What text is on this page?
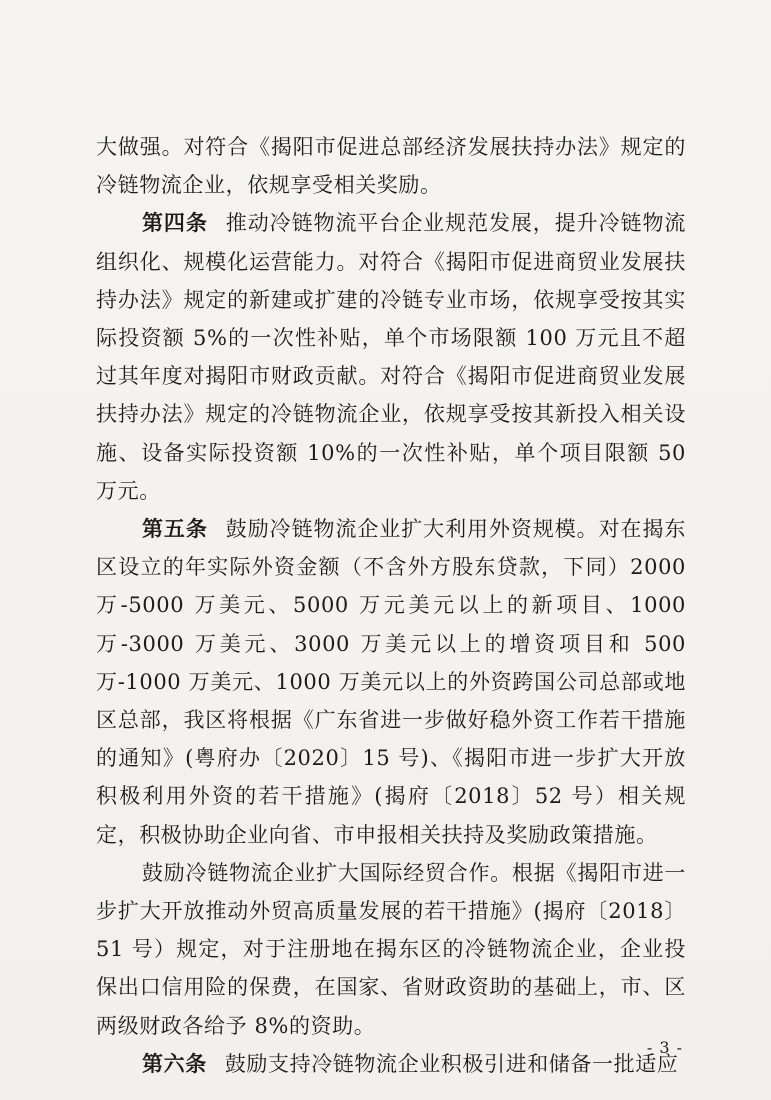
大做强。对符合《揭阳市促进总部经济发展扶持办法》规定的冷链物流企业，依规享受相关奖励。

第四条 推动冷链物流平台企业规范发展，提升冷链物流组织化、规模化运营能力。对符合《揭阳市促进商贸业发展扶持办法》规定的新建或扩建的冷链专业市场，依规享受按其实际投资额 5%的一次性补贴，单个市场限额 100 万元且不超过其年度对揭阳市财政贡献。对符合《揭阳市促进商贸业发展扶持办法》规定的冷链物流企业，依规享受按其新投入相关设施、设备实际投资额 10%的一次性补贴，单个项目限额 50 万元。

第五条 鼓励冷链物流企业扩大利用外资规模。对在揭东区设立的年实际外资金额（不含外方股东贷款，下同）2000 万-5000 万美元、5000 万元美元以上的新项目、1000 万-3000 万美元、3000 万美元以上的增资项目和 500 万-1000 万美元、1000 万美元以上的外资跨国公司总部或地区总部，我区将根据《广东省进一步做好稳外资工作若干措施的通知》(粤府办〔2020〕15 号)、《揭阳市进一步扩大开放积极利用外资的若干措施》(揭府〔2018〕52 号）相关规定，积极协助企业向省、市申报相关扶持及奖励政策措施。

鼓励冷链物流企业扩大国际经贸合作。根据《揭阳市进一步扩大开放推动外贸高质量发展的若干措施》(揭府〔2018〕51 号）规定，对于注册地在揭东区的冷链物流企业，企业投保出口信用险的保费，在国家、省财政资助的基础上，市、区两级财政各给予 8%的资助。

第六条 鼓励支持冷链物流企业积极引进和储备一批适应

- 3 -
